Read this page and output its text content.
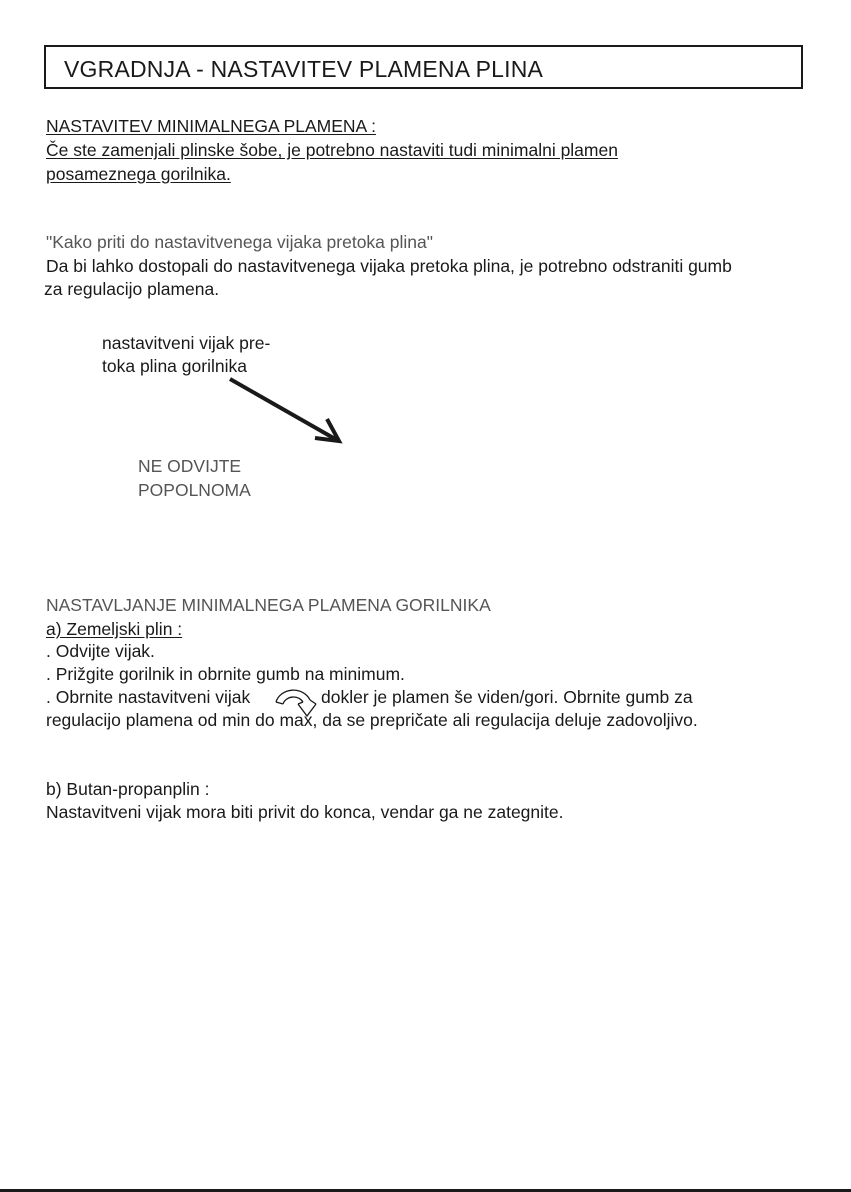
VGRADNJA - NASTAVITEV PLAMENA PLINA
NASTAVITEV MINIMALNEGA PLAMENA :
Če ste zamenjali plinske šobe, je potrebno nastaviti tudi minimalni plamen
posameznega gorilnika.
"Kako priti do nastavitvenega vijaka pretoka plina"
Da bi lahko dostopali do nastavitvenega vijaka pretoka plina, je potrebno odstraniti gumb
za regulacijo plamena.
nastavitveni vijak pre-
toka plina gorilnika
NE ODVIJTE
POPOLNOMA
NASTAVLJANJE MINIMALNEGA PLAMENA GORILNIKA
a) Zemeljski plin :
. Odvijte vijak.
. Prižgite gorilnik in obrnite gumb na minimum.
. Obrnite nastavitveni vijak	dokler je plamen še viden/gori. Obrnite gumb za
regulacijo plamena od min do max, da se prepričate ali regulacija deluje zadovoljivo.
b) Butan-propanplin :
Nastavitveni vijak mora biti privit do konca, vendar ga ne zategnite.
